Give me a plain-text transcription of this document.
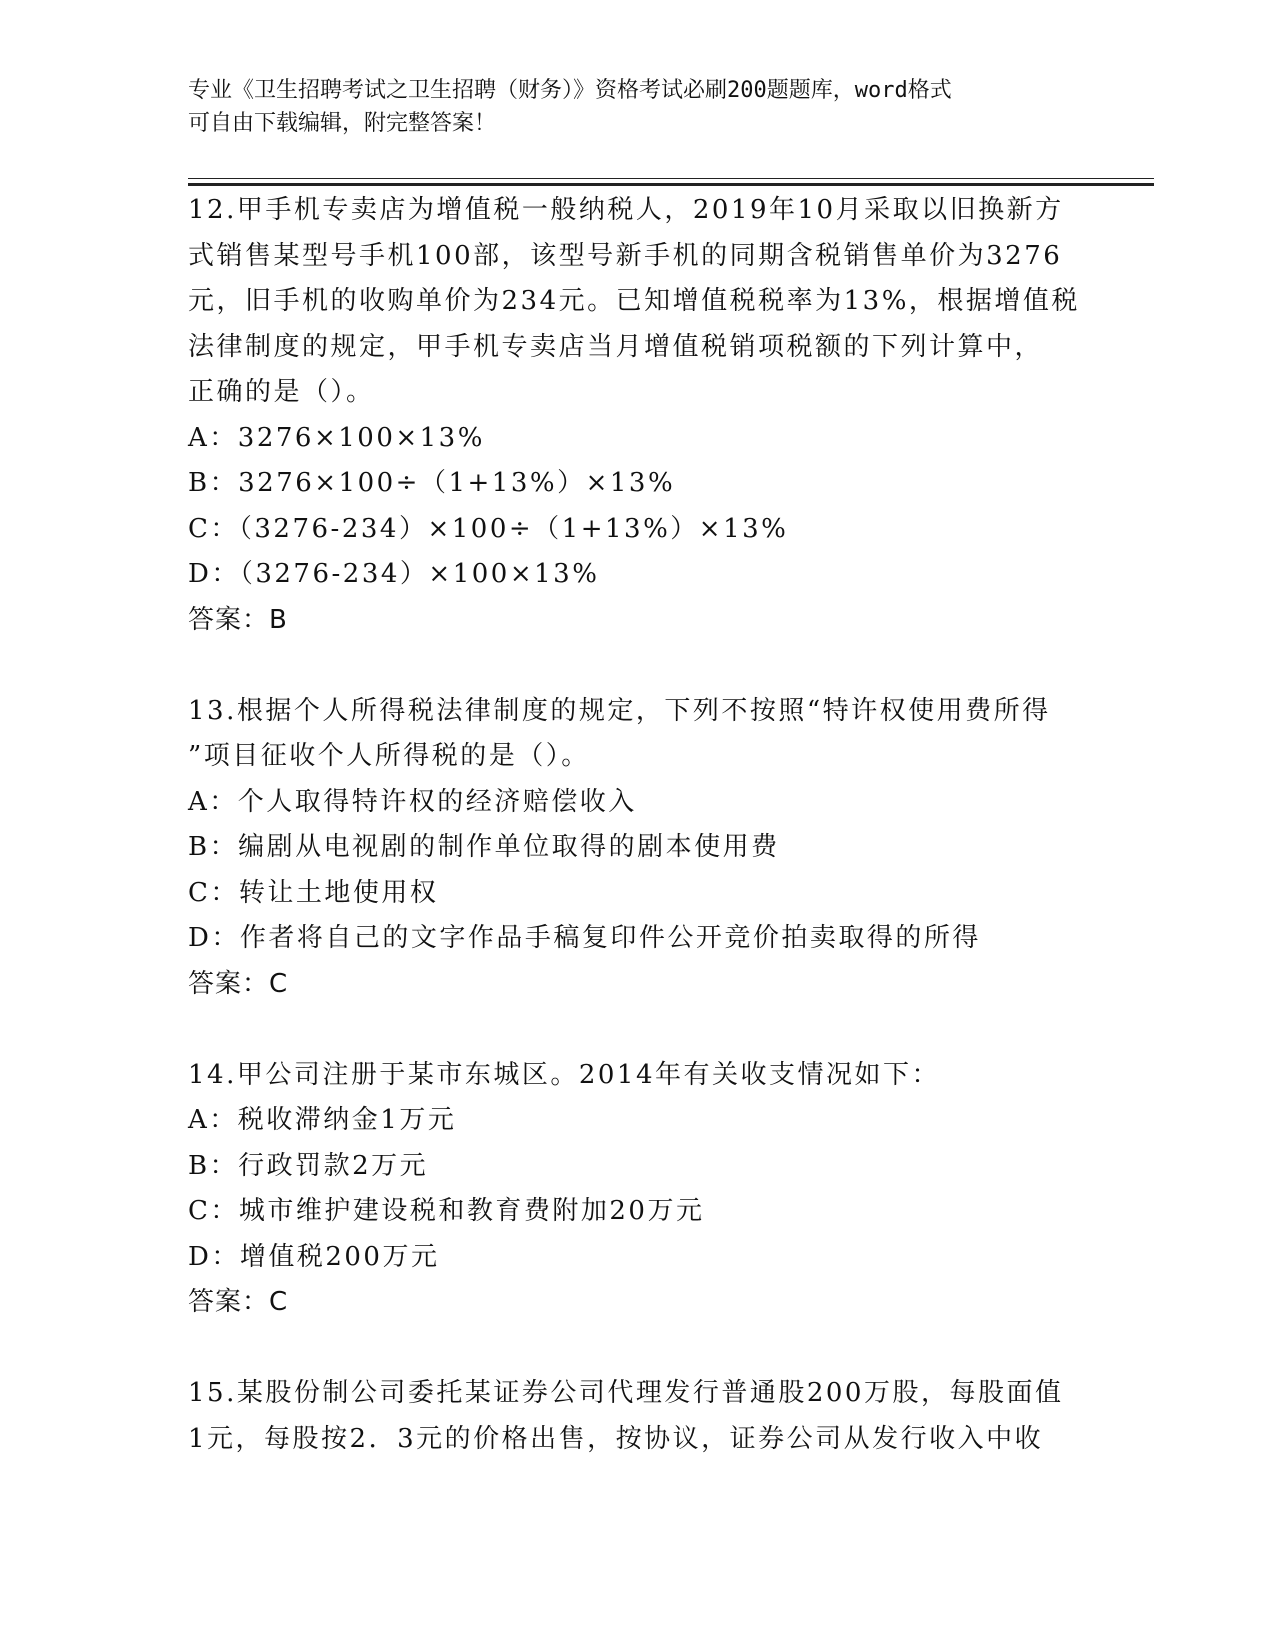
专业《卫生招聘考试之卫生招聘（财务）》资格考试必刷200题题库，word格式
可自由下载编辑，附完整答案！
12.甲手机专卖店为增值税一般纳税人，2019年10月采取以旧换新方
式销售某型号手机100部，该型号新手机的同期含税销售单价为3276
元，旧手机的收购单价为234元。已知增值税税率为13%，根据增值税
法律制度的规定，甲手机专卖店当月增值税销项税额的下列计算中，
正确的是（）。
A：3276×100×13%
B：3276×100÷（1+13%）×13%
C：（3276-234）×100÷（1+13%）×13%
D：（3276-234）×100×13%
答案：B
13.根据个人所得税法律制度的规定，下列不按照“特许权使用费所得
”项目征收个人所得税的是（）。
A：个人取得特许权的经济赔偿收入
B：编剧从电视剧的制作单位取得的剧本使用费
C：转让土地使用权
D：作者将自己的文字作品手稿复印件公开竞价拍卖取得的所得
答案：C
14.甲公司注册于某市东城区。2014年有关收支情况如下：
A：税收滞纳金1万元
B：行政罚款2万元
C：城市维护建设税和教育费附加20万元
D：增值税200万元
答案：C
15.某股份制公司委托某证券公司代理发行普通股200万股，每股面值
1元，每股按2．3元的价格出售，按协议，证券公司从发行收入中收
